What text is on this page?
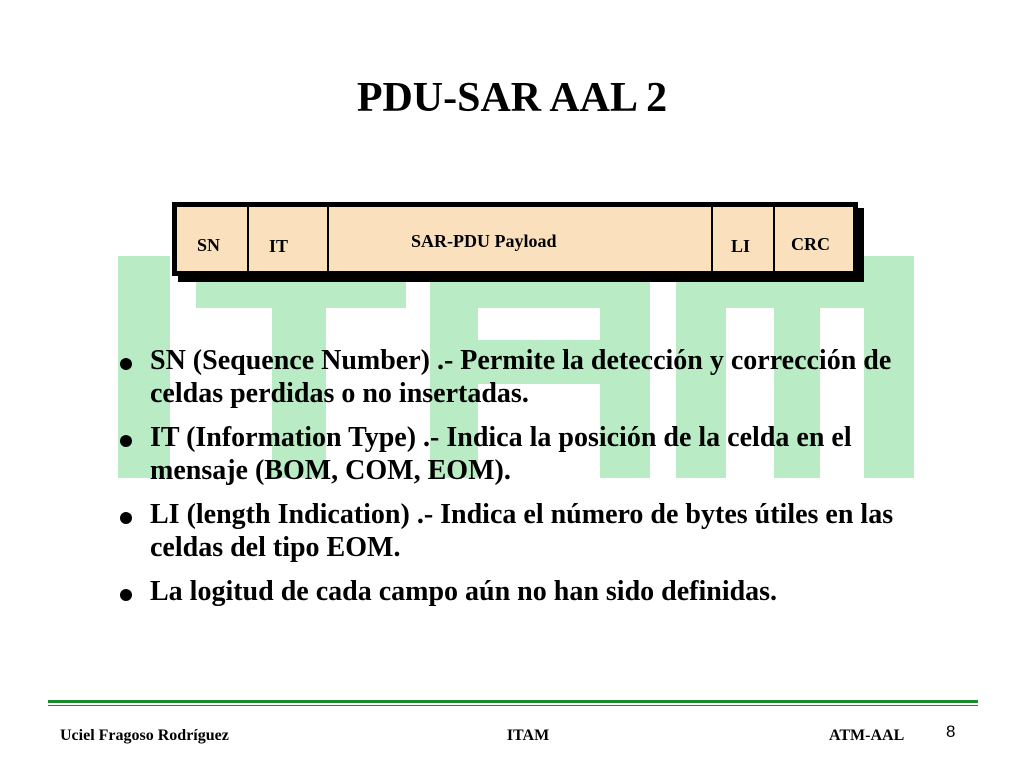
PDU-SAR AAL 2
SN	IT	SAR-PDU Payload	LI CRC
SN (Sequence Number) .- Permite la detección y corrección de celdas perdidas o no insertadas.
IT (Information Type) .- Indica la posición de la celda en el mensaje (BOM, COM, EOM).
LI (length Indication) .- Indica el número de bytes útiles en las celdas del tipo EOM.
La logitud de cada campo aún no han sido definidas.
Uciel Fragoso Rodríguez	ITAM	ATM-AAL 8
